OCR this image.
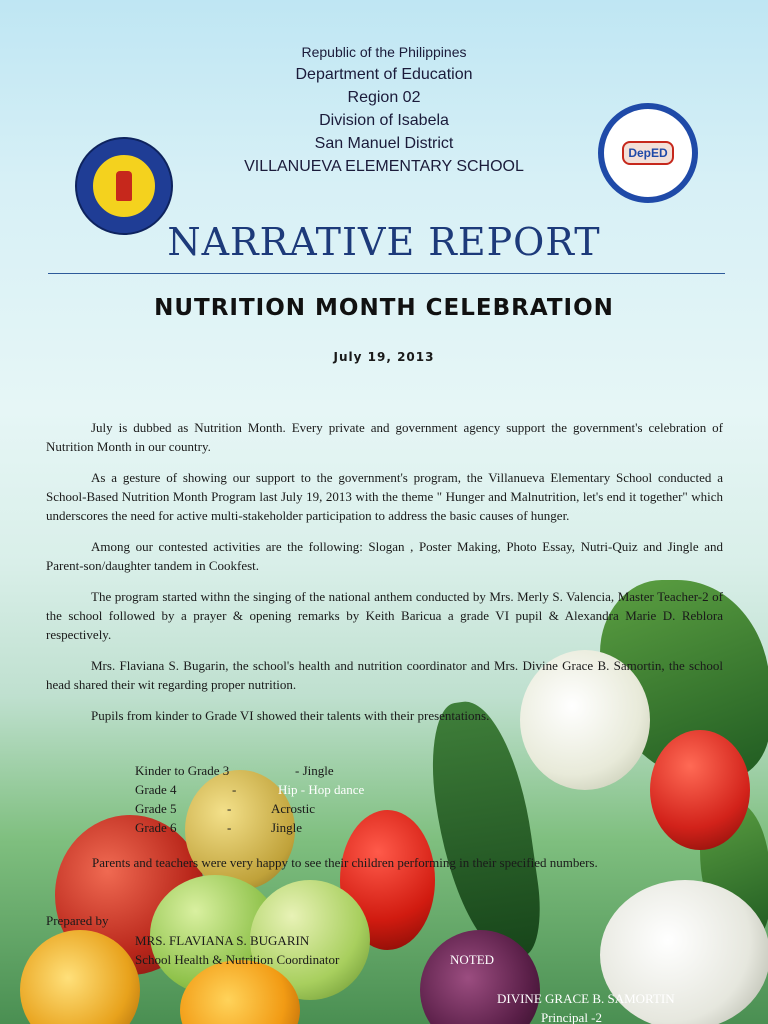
DepED
Republic of the Philippines
Department of Education
Region 02
Division of Isabela
San Manuel District
VILLANUEVA ELEMENTARY SCHOOL
NARRATIVE REPORT
NUTRITION MONTH CELEBRATION
July 19, 2013

July is dubbed as Nutrition Month. Every private and government agency support the government's celebration of Nutrition Month in our country.

As a gesture of showing our support to the government's program, the Villanueva Elementary School conducted a School-Based Nutrition Month Program last July 19, 2013 with the theme " Hunger and Malnutrition, let's end it together" which underscores the need for active multi-stakeholder participation to address the basic causes of hunger.

Among our contested activities are the following: Slogan , Poster Making, Photo Essay, Nutri-Quiz and Jingle and Parent-son/daughter tandem in Cookfest.

The program started withn the singing of the national anthem conducted by Mrs. Merly S. Valencia, Master Teacher-2 of the school followed by a prayer & opening remarks by Keith Baricua a grade VI pupil & Alexandra Marie D. Reblora respectively.

Mrs. Flaviana S. Bugarin, the school's health and nutrition coordinator and Mrs. Divine Grace B. Samortin, the school head shared their wit regarding proper nutrition.

Pupils from kinder to Grade VI showed their talents with their presentations.

Kinder to Grade 3	- Jingle
Grade 4	-	Hip - Hop dance
Grade 5	-	Acrostic
Grade 6	-	Jingle
Parents and teachers were very happy to see their children performing in their specified numbers.
Prepared by
MRS. FLAVIANA S. BUGARIN
School Health & Nutrition Coordinator	NOTED
DIVINE GRACE B. SAMORTIN
Principal -2
